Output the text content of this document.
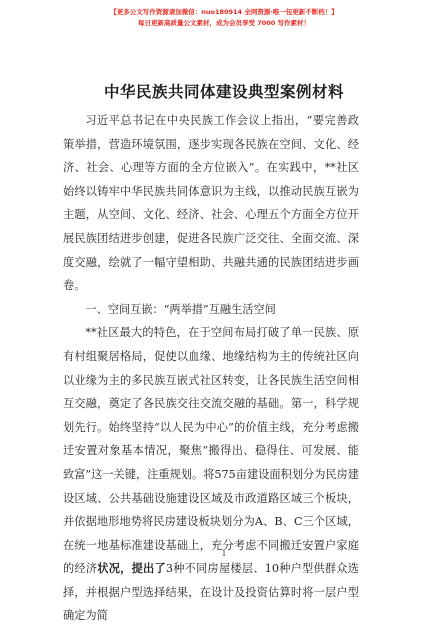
【更多公文写作资源请加微信：nuo180914 全网资源·唯一包更新不断档！】
每日更新高质量公文素材，成为会员享受 7000 写作素材！
中华民族共同体建设典型案例材料

习近平总书记在中央民族工作会议上指出，“要完善政策举措，营造环境氛围，逐步实现各民族在空间、文化、经济、社会、心理等方面的全方位嵌入”。在实践中，**社区始终以铸牢中华民族共同体意识为主线，以推动民族互嵌为主题，从空间、文化、经济、社会、心理五个方面全方位开展民族团结进步创建，促进各民族广泛交往、全面交流、深度交融，绘就了一幅守望相助、共融共通的民族团结进步画卷。

一、空间互嵌：“两举措”互融生活空间

**社区最大的特色，在于空间布局打破了单一民族、原有村组聚居格局，促使以血缘、地缘结构为主的传统社区向以业缘为主的多民族互嵌式社区转变，让各民族生活空间相互交融，奠定了各民族交往交流交融的基础。第一，科学规划先行。始终坚持“以人民为中心”的价值主线，充分考虑搬迁安置对象基本情况，聚焦“搬得出、稳得住、可发展、能致富”这一关键，注重规划。将575亩建设面积划分为民房建设区域、公共基础设施建设区域及市政道路区域三个板块，并依据地形地势将民房建设板块划分为A、B、C三个区域，在统一地基标准建设基础上，充分考虑不同搬迁安置户家庭的经济状况，提出了3种不同房屋楼层、10种户型供群众选择，并根据户型选择结果，在设计及投资估算时将一层户型确定为简

1
